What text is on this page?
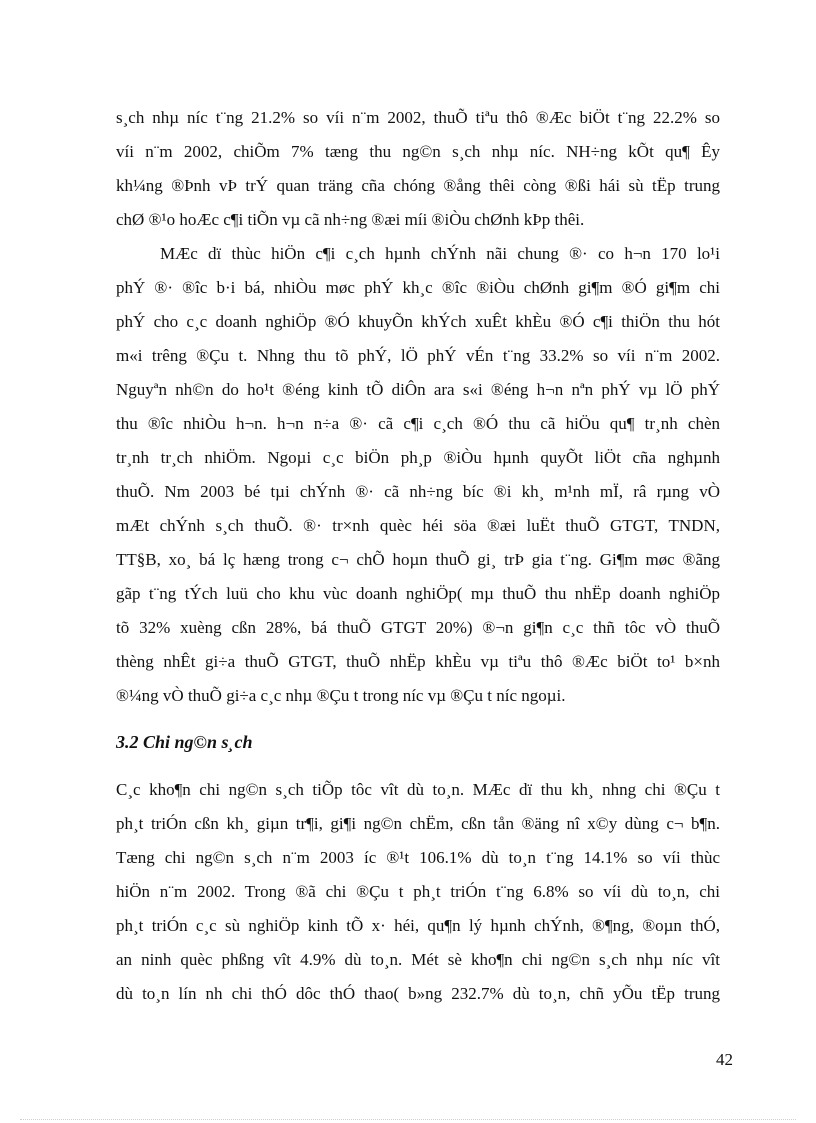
s¸ch nhµ níc t¨ng 21.2% so víi n¨m 2002, thuÕ tiªu thô ®Æc biÖt t¨ng 22.2% so
víi n¨m 2002, chiÕm 7% tæng thu ng©n s¸ch nhµ níc. NH÷ng kÕt qu¶ Êy
kh¼ng ®Þnh vÞ trÝ quan träng cña chóng ®ång thêi còng ®ßi hái sù tËp trung
chØ ®¹o hoÆc c¶i tiÕn vµ cã nh÷ng ®æi míi ®iÒu chØnh kÞp thêi.
MÆc dï thùc hiÖn c¶i c¸ch hµnh chÝnh nãi chung ®· co h¬n 170 lo¹i
phÝ ®· ®îc b·i bá, nhiÒu møc phÝ kh¸c ®îc ®iÒu chØnh gi¶m ®Ó gi¶m chi
phÝ cho c¸c doanh nghiÖp ®Ó khuyÕn khÝch xuÊt khÈu ®Ó c¶i thiÖn thu hót
m«i trêng ®Çu t. Nhng thu tõ phÝ, lÖ phÝ vÉn t¨ng 33.2% so víi n¨m 2002.
Nguyªn nh©n do ho¹t ®éng kinh tÕ diÔn ara s«i ®éng h¬n nªn phÝ vµ lÖ phÝ
thu ®îc nhiÒu h¬n. h¬n n÷a ®· cã c¶i c¸ch ®Ó thu cã hiÖu qu¶ tr¸nh chèn
tr¸nh tr¸ch nhiÖm. Ngoµi c¸c biÖn ph¸p ®iÒu hµnh quyÕt liÖt cña nghµnh
thuÕ. Nm 2003 bé tµi chÝnh ®· cã nh÷ng bíc ®i kh¸ m¹nh mÏ, râ rµng vÒ
mÆt chÝnh s¸ch thuÕ. ®· tr×nh quèc héi söa ®æi luËt thuÕ GTGT, TNDN,
TT§B, xo¸ bá lç hæng trong c¬ chÕ hoµn thuÕ gi¸ trÞ gia t¨ng. Gi¶m møc ®ãng
gãp t¨ng tÝch luü cho khu vùc doanh nghiÖp( mµ thuÕ thu nhËp doanh nghiÖp
tõ 32% xuèng cßn 28%, bá thuÕ GTGT 20%) ®¬n gi¶n c¸c thñ tôc vÒ thuÕ
thèng nhÊt gi÷a thuÕ GTGT, thuÕ nhËp khÈu vµ tiªu thô ®Æc biÖt to¹ b×nh
®¼ng vÒ thuÕ gi÷a c¸c nhµ ®Çu t trong níc vµ ®Çu t níc ngoµi.
3.2 Chi ng©n s¸ch
C¸c kho¶n chi ng©n s¸ch tiÕp tôc vît dù to¸n. MÆc dï thu kh¸ nhng chi ®Çu t
ph¸t triÓn cßn kh¸ giµn tr¶i, gi¶i ng©n chËm, cßn tån ®äng nî x©y dùng c¬ b¶n.
Tæng chi ng©n s¸ch n¨m 2003 íc ®¹t 106.1% dù to¸n t¨ng 14.1% so víi thùc
hiÖn n¨m 2002. Trong ®ã chi ®Çu t ph¸t triÓn t¨ng 6.8% so víi dù to¸n, chi
ph¸t triÓn c¸c sù nghiÖp kinh tÕ x· héi, qu¶n lý hµnh chÝnh, ®¶ng, ®oµn thÓ,
an ninh quèc phßng vît 4.9% dù to¸n. Mét sè kho¶n chi ng©n s¸ch nhµ níc vît
dù to¸n lín nh chi thÓ dôc thÓ thao( b»ng 232.7% dù to¸n, chñ yÕu tËp trung
42
